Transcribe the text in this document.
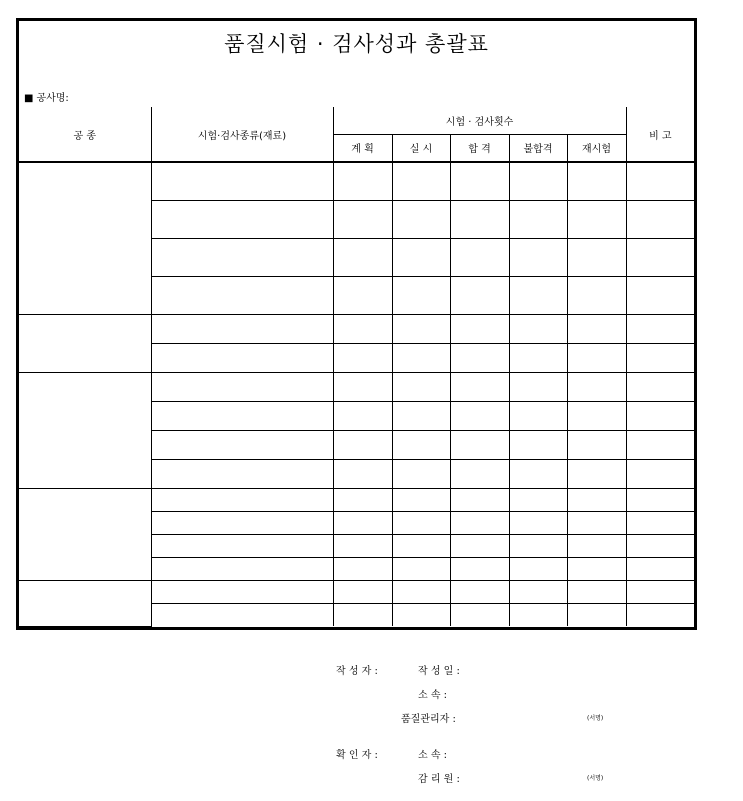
품질시험 · 검사성과 총괄표
■ 공사명:
공 종	시험·검사종류(재료)	시험 · 검사횟수					비 고
		계 획	실 시	합 격	불합격	재시험	

작 성 자 :	작 성 일 :
소 속 :
품질관리자 :	(서명)
확 인 자 :	소 속 :
감 리 원 :	(서명)
